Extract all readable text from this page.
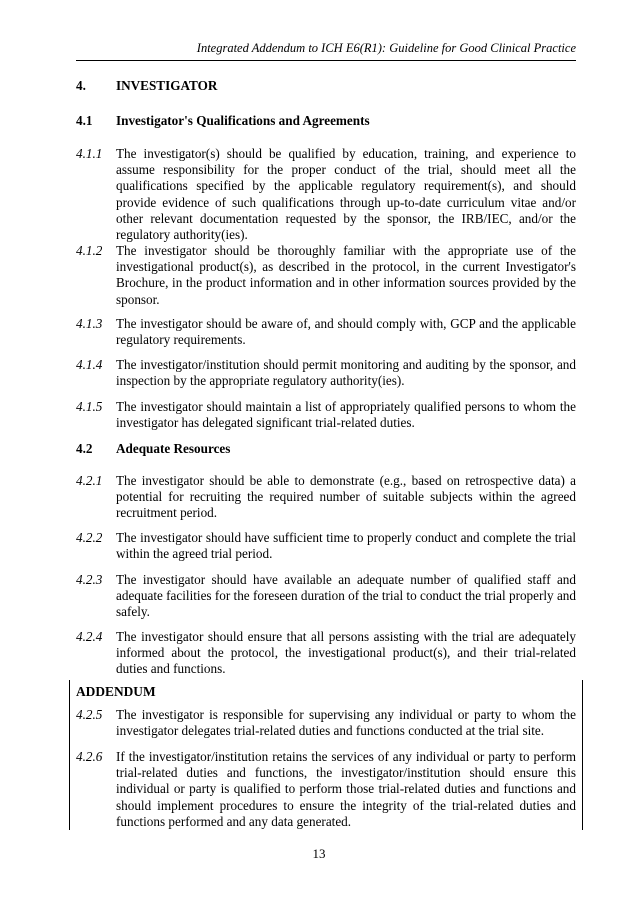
Integrated Addendum to ICH E6(R1): Guideline for Good Clinical Practice
4. INVESTIGATOR
4.1 Investigator's Qualifications and Agreements
4.1.1 The investigator(s) should be qualified by education, training, and experience to assume responsibility for the proper conduct of the trial, should meet all the qualifications specified by the applicable regulatory requirement(s), and should provide evidence of such qualifications through up-to-date curriculum vitae and/or other relevant documentation requested by the sponsor, the IRB/IEC, and/or the regulatory authority(ies).
4.1.2 The investigator should be thoroughly familiar with the appropriate use of the investigational product(s), as described in the protocol, in the current Investigator's Brochure, in the product information and in other information sources provided by the sponsor.
4.1.3 The investigator should be aware of, and should comply with, GCP and the applicable regulatory requirements.
4.1.4 The investigator/institution should permit monitoring and auditing by the sponsor, and inspection by the appropriate regulatory authority(ies).
4.1.5 The investigator should maintain a list of appropriately qualified persons to whom the investigator has delegated significant trial-related duties.
4.2 Adequate Resources
4.2.1 The investigator should be able to demonstrate (e.g., based on retrospective data) a potential for recruiting the required number of suitable subjects within the agreed recruitment period.
4.2.2 The investigator should have sufficient time to properly conduct and complete the trial within the agreed trial period.
4.2.3 The investigator should have available an adequate number of qualified staff and adequate facilities for the foreseen duration of the trial to conduct the trial properly and safely.
4.2.4 The investigator should ensure that all persons assisting with the trial are adequately informed about the protocol, the investigational product(s), and their trial-related duties and functions.
ADDENDUM
4.2.5 The investigator is responsible for supervising any individual or party to whom the investigator delegates trial-related duties and functions conducted at the trial site.
4.2.6 If the investigator/institution retains the services of any individual or party to perform trial-related duties and functions, the investigator/institution should ensure this individual or party is qualified to perform those trial-related duties and functions and should implement procedures to ensure the integrity of the trial-related duties and functions performed and any data generated.
13
